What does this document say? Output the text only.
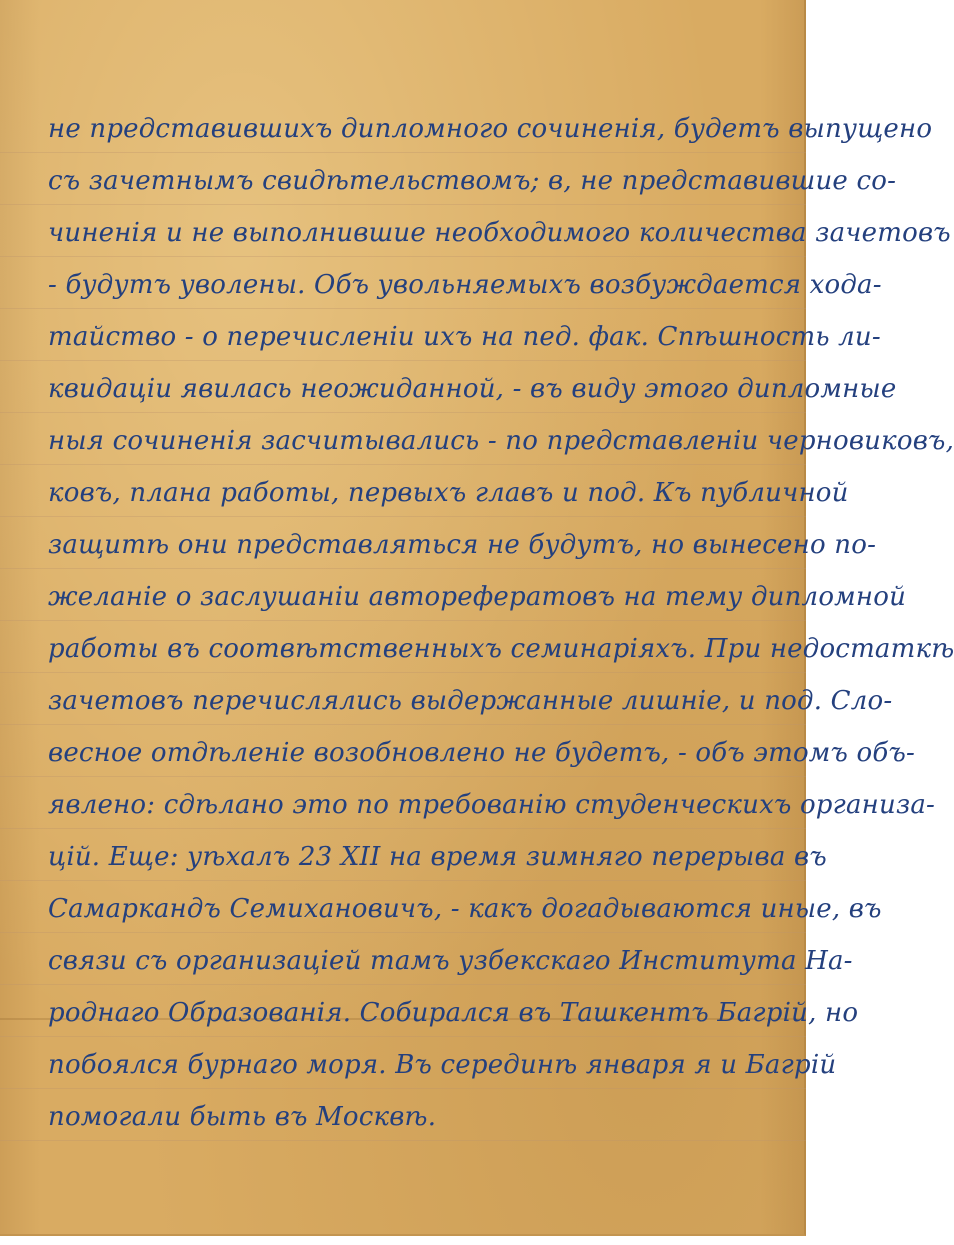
не представившихъ дипломного сочиненія, будетъ выпущено
съ зачетнымъ свидѣтельствомъ; в, не представившие со-
чиненія и не выполнившие необходимого количества зачетовъ
- будутъ уволены. Объ увольняемыхъ возбуждается хода-
тайство - о перечисленіи ихъ на пед. фак. Спѣшность ли-
квидаціи явилась неожиданной, - въ виду этого дипломные
ныя сочиненія засчитывались - по представленіи черновиковъ,
ковъ, плана работы, первыхъ главъ и под. Къ публичной
защитѣ они представляться не будутъ, но вынесено по-
желаніе о заслушаніи авторефератовъ на тему дипломной
работы въ соотвѣтственныхъ семинаріяхъ. При недостаткѣ
зачетовъ перечислялись выдержанные лишніе, и под. Сло-
весное отдѣленіе возобновлено не будетъ, - объ этомъ объ-
явлено: сдѣлано это по требованію студенческихъ организа-
цій. Еще: уѣхалъ 23 XII на время зимняго перерыва въ
Самаркандъ Семихановичъ, - какъ догадываются иные, въ
связи съ организаціей тамъ узбекскаго Института На-
роднаго Образованія. Собирался въ Ташкентъ Багрій, но
побоялся бурнаго моря. Въ серединѣ января я и Багрій
помогали быть въ Москвѣ.
